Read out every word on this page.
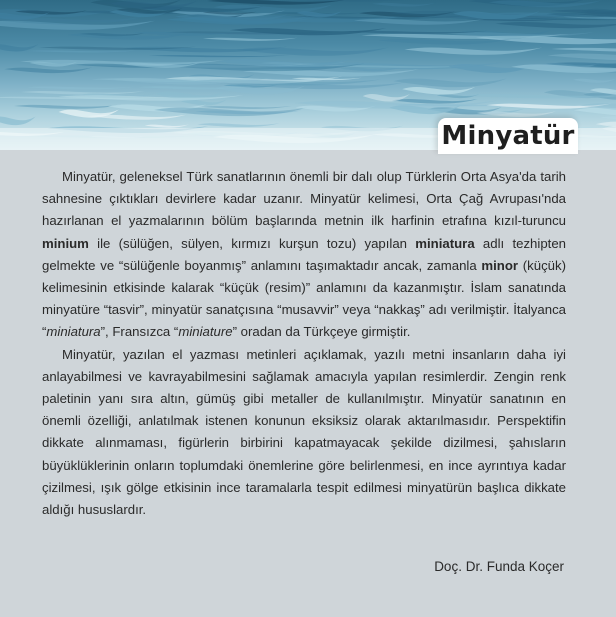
Minyatür

Minyatür, geleneksel Türk sanatlarının önemli bir dalı olup Türklerin Orta Asya'da tarih sahnesine çıktıkları devirlere kadar uzanır. Minyatür kelimesi, Orta Çağ Avrupası'nda hazırlanan el yazmalarının bölüm başlarında metnin ilk harfinin etrafına kızıl-turuncu minium ile (sülüğen, sülyen, kırmızı kurşun tozu) yapılan miniatura adlı tezhipten gelmekte ve “sülüğenle boyanmış” anlamını taşımaktadır ancak, zamanla minor (küçük) kelimesinin etkisinde kalarak “küçük (resim)” anlamını da kazanmıştır. İslam sanatında minyatüre “tasvir”, minyatür sanatçısına “musavvir” veya “nakkaş” adı verilmiştir. İtalyanca “miniatura”, Fransızca “miniature” oradan da Türkçeye girmiştir.

Minyatür, yazılan el yazması metinleri açıklamak, yazılı metni insanların daha iyi anlayabilmesi ve kavrayabilmesini sağlamak amacıyla yapılan resimlerdir. Zengin renk paletinin yanı sıra altın, gümüş gibi metaller de kullanılmıştır. Minyatür sanatının en önemli özelliği, anlatılmak istenen konunun eksiksiz olarak aktarılmasıdır. Perspektifin dikkate alınmaması, figürlerin birbirini kapatmayacak şekilde dizilmesi, şahısların büyüklüklerinin onların toplumdaki önemlerine göre belirlenmesi, en ince ayrıntıya kadar çizilmesi, ışık gölge etkisinin ince taramalarla tespit edilmesi minyatürün başlıca dikkate aldığı hususlardır.

Doç. Dr. Funda Koçer
